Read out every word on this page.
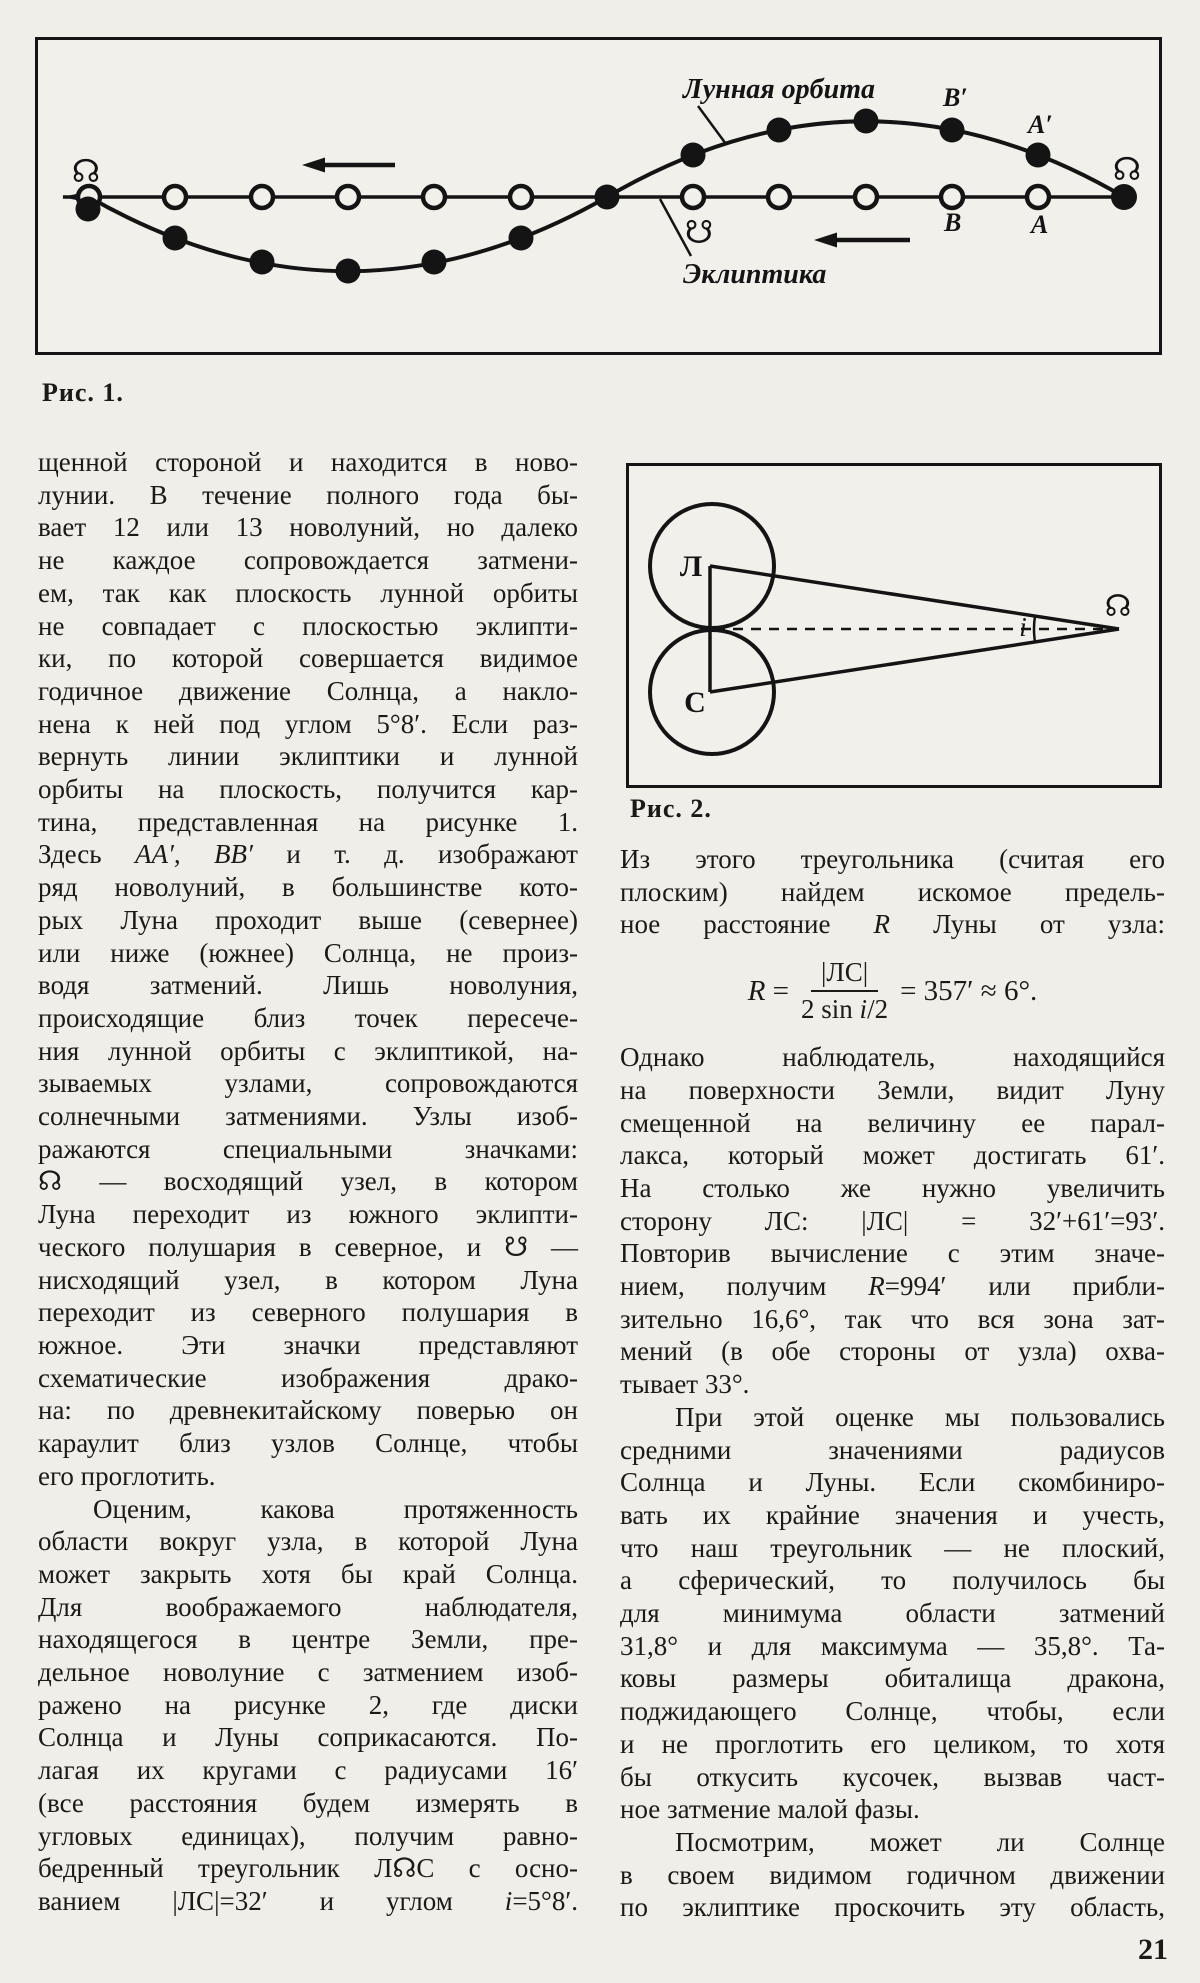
☊	☊
☋
Лунная орбита
Эклиптика
B′
A′
B	A
Рис. 1.
Л
С
i
☊
Рис. 2.
щенной стороной и находится в ново-
лунии. В течение полного года бы-
вает 12 или 13 новолуний, но далеко
не каждое сопровождается затмени-
ем, так как плоскость лунной орбиты
не совпадает с плоскостью эклипти-
ки, по которой совершается видимое
годичное движение Солнца, а накло-
нена к ней под углом 5°8′. Если раз-
вернуть линии эклиптики и лунной
орбиты на плоскость, получится кар-
тина, представленная на рисунке 1.
Здесь AA′, BB′ и т. д. изображают
ряд новолуний, в большинстве кото-
рых Луна проходит выше (севернее)
или ниже (южнее) Солнца, не произ-
водя затмений. Лишь новолуния,
происходящие близ точек пересече-
ния лунной орбиты с эклиптикой, на-
зываемых узлами, сопровождаются
солнечными затмениями. Узлы изоб-
ражаются специальными значками:
☊ — восходящий узел, в котором
Луна переходит из южного эклипти-
ческого полушария в северное, и ☋ —
нисходящий узел, в котором Луна
переходит из северного полушария в
южное. Эти значки представляют
схематические изображения драко-
на: по древнекитайскому поверью он
караулит близ узлов Солнце, чтобы
его проглотить.
Оценим, какова протяженность
области вокруг узла, в которой Луна
может закрыть хотя бы край Солнца.
Для воображаемого наблюдателя,
находящегося в центре Земли, пре-
дельное новолуние с затмением изоб-
ражено на рисунке 2, где диски
Солнца и Луны соприкасаются. По-
лагая их кругами с радиусами 16′
(все расстояния будем измерять в
угловых единицах), получим равно-
бедренный треугольник Л☊С с осно-
ванием |ЛС|=32′ и углом i=5°8′.
Из этого треугольника (считая его
плоским) найдем искомое предель-
ное расстояние R Луны от узла:
$R = \frac{|ЛС|}{\text{2 sin i/2}} = 357' \approx 6^\circ$.
Однако наблюдатель, находящийся
на поверхности Земли, видит Луну
смещенной на величину ее парал-
лакса, который может достигать 61′.
На столько же нужно увеличить
сторону ЛС: |ЛС| = 32′+61′=93′.
Повторив вычисление с этим значе-
нием, получим R=994′ или прибли-
зительно 16,6°, так что вся зона зат-
мений (в обе стороны от узла) охва-
тывает 33°.
При этой оценке мы пользовались
средними значениями радиусов
Солнца и Луны. Если скомбиниро-
вать их крайние значения и учесть,
что наш треугольник — не плоский,
а сферический, то получилось бы
для минимума области затмений
31,8° и для максимума — 35,8°. Та-
ковы размеры обиталища дракона,
поджидающего Солнце, чтобы, если
и не проглотить его целиком, то хотя
бы откусить кусочек, вызвав част-
ное затмение малой фазы.
Посмотрим, может ли Солнце
в своем видимом годичном движении
по эклиптике проскочить эту область,
21
